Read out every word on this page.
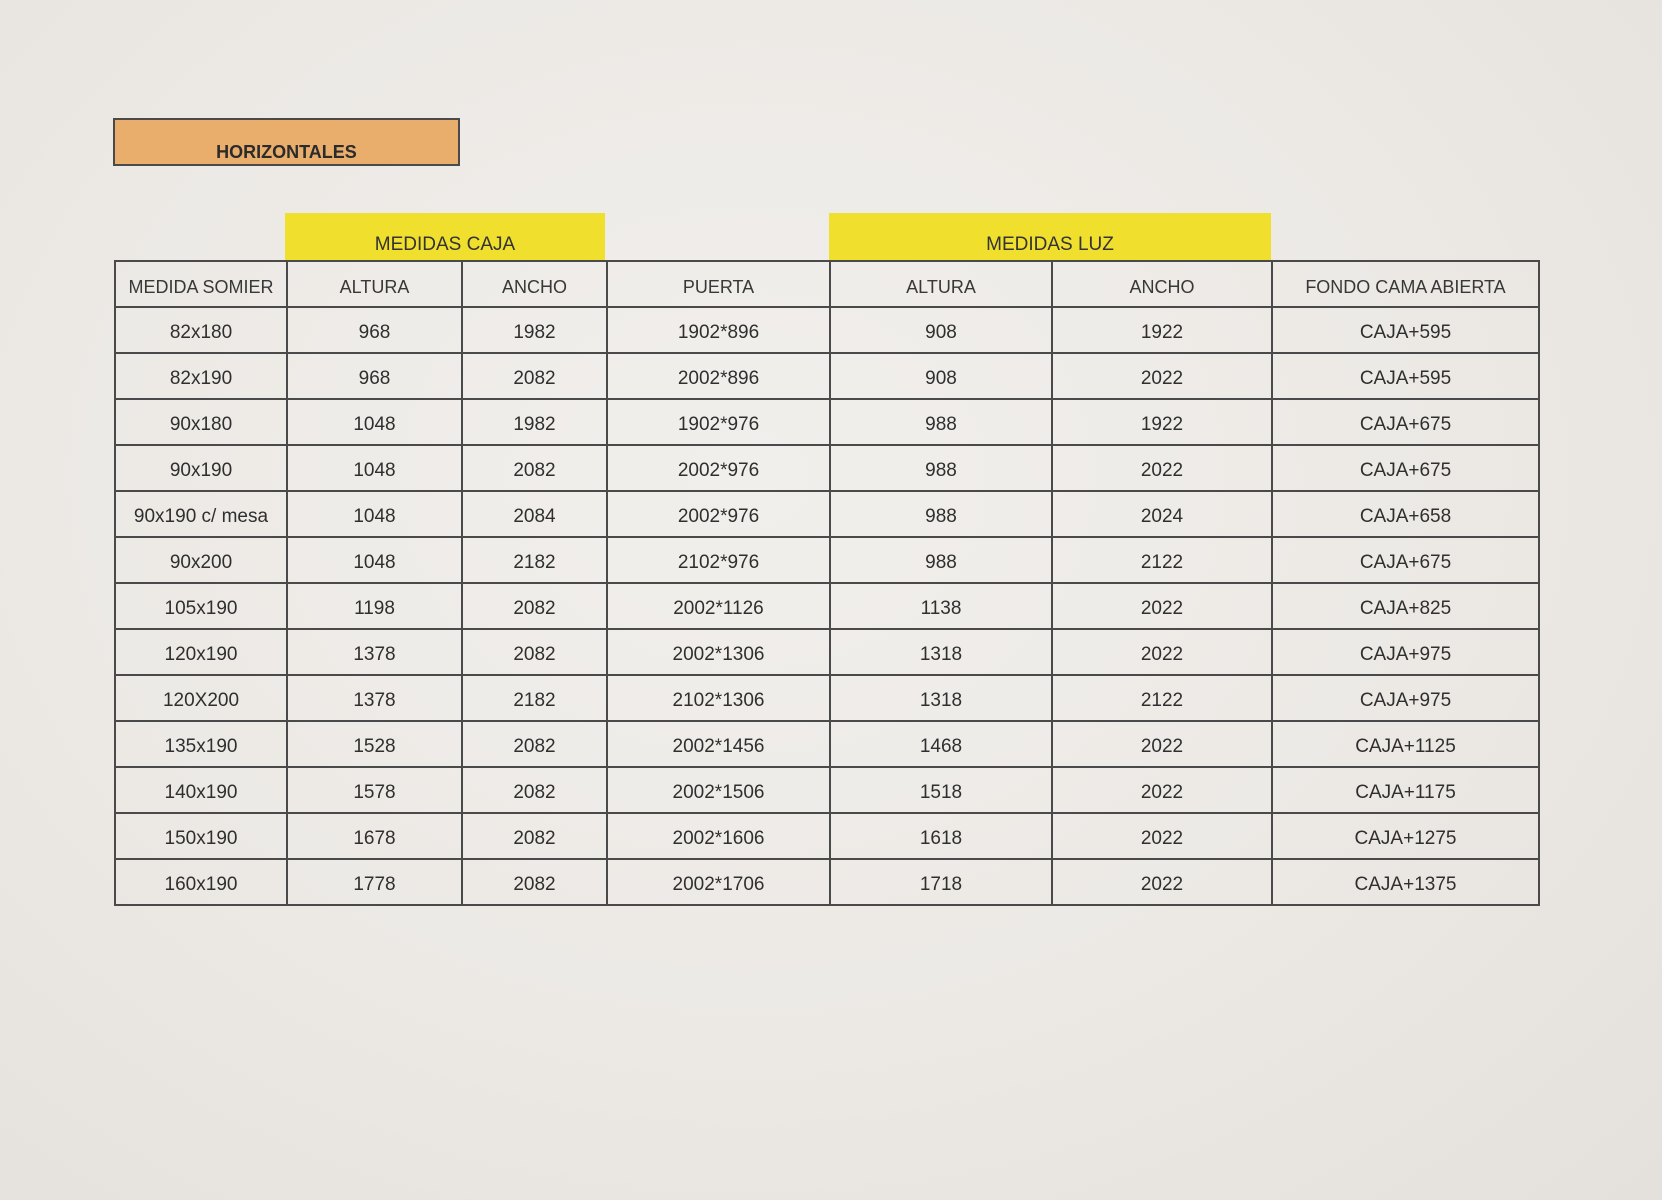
HORIZONTALES
MEDIDAS CAJA	MEDIDAS LUZ
MEDIDA SOMIER	ALTURA	ANCHO	PUERTA	ALTURA	ANCHO	FONDO CAMA ABIERTA
82x180	968	1982	1902*896	908	1922	CAJA+595
82x190	968	2082	2002*896	908	2022	CAJA+595
90x180	1048	1982	1902*976	988	1922	CAJA+675
90x190	1048	2082	2002*976	988	2022	CAJA+675
90x190 c/ mesa	1048	2084	2002*976	988	2024	CAJA+658
90x200	1048	2182	2102*976	988	2122	CAJA+675
105x190	1198	2082	2002*1126	1138	2022	CAJA+825
120x190	1378	2082	2002*1306	1318	2022	CAJA+975
120X200	1378	2182	2102*1306	1318	2122	CAJA+975
135x190	1528	2082	2002*1456	1468	2022	CAJA+1125
140x190	1578	2082	2002*1506	1518	2022	CAJA+1175
150x190	1678	2082	2002*1606	1618	2022	CAJA+1275
160x190	1778	2082	2002*1706	1718	2022	CAJA+1375
